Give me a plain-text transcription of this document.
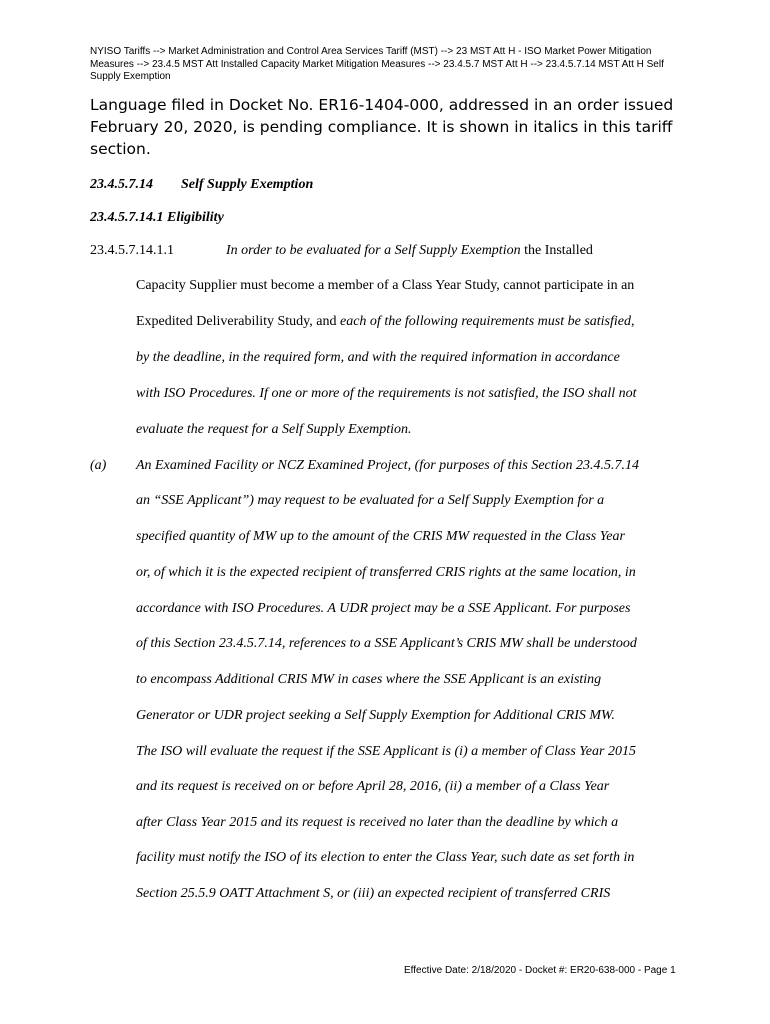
NYISO Tariffs --> Market Administration and Control Area Services Tariff (MST) --> 23 MST Att H - ISO Market Power Mitigation Measures --> 23.4.5 MST Att Installed Capacity Market Mitigation Measures --> 23.4.5.7 MST Att H --> 23.4.5.7.14 MST Att H Self Supply Exemption
Language filed in Docket No. ER16-1404-000, addressed in an order issued February 20, 2020, is pending compliance. It is shown in italics in this tariff section.
23.4.5.7.14 Self Supply Exemption
23.4.5.7.14.1 Eligibility
23.4.5.7.14.1.1	In order to be evaluated for a Self Supply Exemption the Installed
Capacity Supplier must become a member of a Class Year Study, cannot participate in an
Expedited Deliverability Study, and each of the following requirements must be satisfied,
by the deadline, in the required form, and with the required information in accordance
with ISO Procedures. If one or more of the requirements is not satisfied, the ISO shall not
evaluate the request for a Self Supply Exemption.
(a) An Examined Facility or NCZ Examined Project, (for purposes of this Section 23.4.5.7.14
an “SSE Applicant”) may request to be evaluated for a Self Supply Exemption for a
specified quantity of MW up to the amount of the CRIS MW requested in the Class Year
or, of which it is the expected recipient of transferred CRIS rights at the same location, in
accordance with ISO Procedures. A UDR project may be a SSE Applicant. For purposes
of this Section 23.4.5.7.14, references to a SSE Applicant’s CRIS MW shall be understood
to encompass Additional CRIS MW in cases where the SSE Applicant is an existing
Generator or UDR project seeking a Self Supply Exemption for Additional CRIS MW.
The ISO will evaluate the request if the SSE Applicant is (i) a member of Class Year 2015
and its request is received on or before April 28, 2016, (ii) a member of a Class Year
after Class Year 2015 and its request is received no later than the deadline by which a
facility must notify the ISO of its election to enter the Class Year, such date as set forth in
Section 25.5.9 OATT Attachment S, or (iii) an expected recipient of transferred CRIS
Effective Date: 2/18/2020 - Docket #: ER20-638-000 - Page 1
